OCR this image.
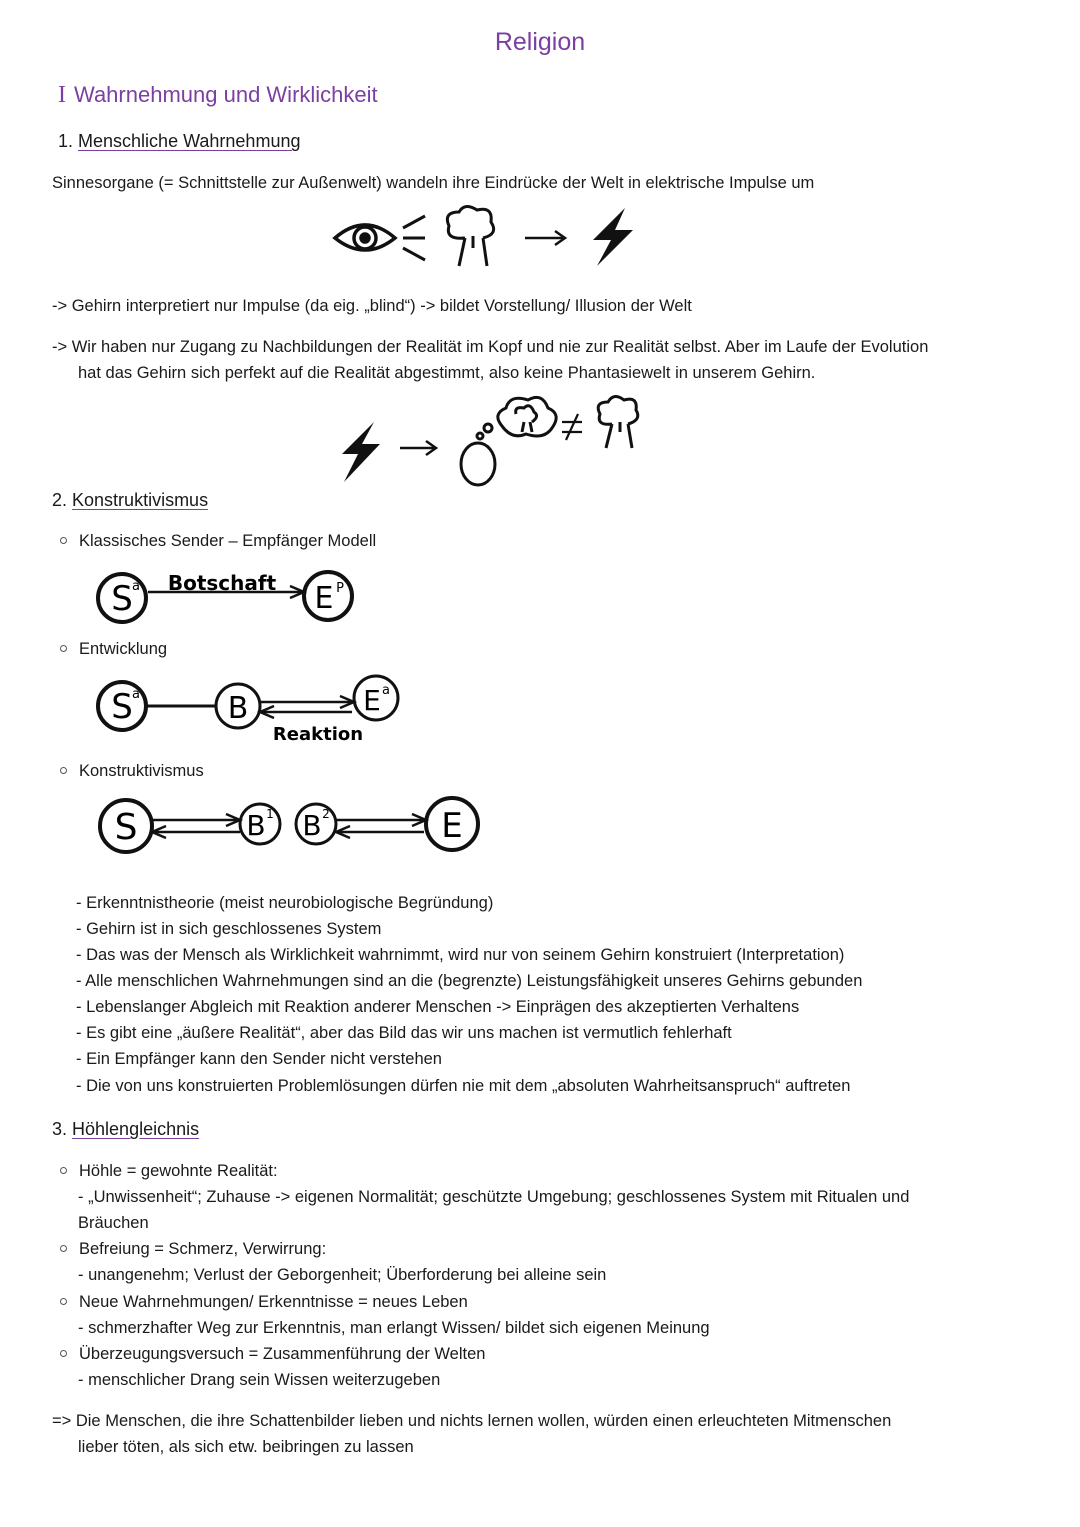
Religion
I Wahrnehmung und Wirklichkeit
1. Menschliche Wahrnehmung
Sinnesorgane (= Schnittstelle zur Außenwelt) wandeln ihre Eindrücke der Welt in elektrische Impulse um
-> Gehirn interpretiert nur Impulse (da eig. „blind“) -> bildet Vorstellung/ Illusion der Welt
-> Wir haben nur Zugang zu Nachbildungen der Realität im Kopf und nie zur Realität selbst. Aber im Laufe der Evolution
hat das Gehirn sich perfekt auf die Realität abgestimmt, also keine Phantasiewelt in unserem Gehirn.
2. Konstruktivismus
Klassisches Sender – Empfänger Modell
S a Botschaft E P
Entwicklung
S a	B
Reaktion
E a
Konstruktivismus
S	B 1 B 2	E
- Erkenntnistheorie (meist neurobiologische Begründung)
- Gehirn ist in sich geschlossenes System
- Das was der Mensch als Wirklichkeit wahrnimmt, wird nur von seinem Gehirn konstruiert (Interpretation)
- Alle menschlichen Wahrnehmungen sind an die (begrenzte) Leistungsfähigkeit unseres Gehirns gebunden
- Lebenslanger Abgleich mit Reaktion anderer Menschen -> Einprägen des akzeptierten Verhaltens
- Es gibt eine „äußere Realität“, aber das Bild das wir uns machen ist vermutlich fehlerhaft
- Ein Empfänger kann den Sender nicht verstehen
- Die von uns konstruierten Problemlösungen dürfen nie mit dem „absoluten Wahrheitsanspruch“ auftreten
3. Höhlengleichnis
Höhle = gewohnte Realität:
- „Unwissenheit“; Zuhause -> eigenen Normalität; geschützte Umgebung; geschlossenes System mit Ritualen und
Bräuchen
Befreiung = Schmerz, Verwirrung:
- unangenehm; Verlust der Geborgenheit; Überforderung bei alleine sein
Neue Wahrnehmungen/ Erkenntnisse = neues Leben
- schmerzhafter Weg zur Erkenntnis, man erlangt Wissen/ bildet sich eigenen Meinung
Überzeugungsversuch = Zusammenführung der Welten
- menschlicher Drang sein Wissen weiterzugeben
=> Die Menschen, die ihre Schattenbilder lieben und nichts lernen wollen, würden einen erleuchteten Mitmenschen
lieber töten, als sich etw. beibringen zu lassen
